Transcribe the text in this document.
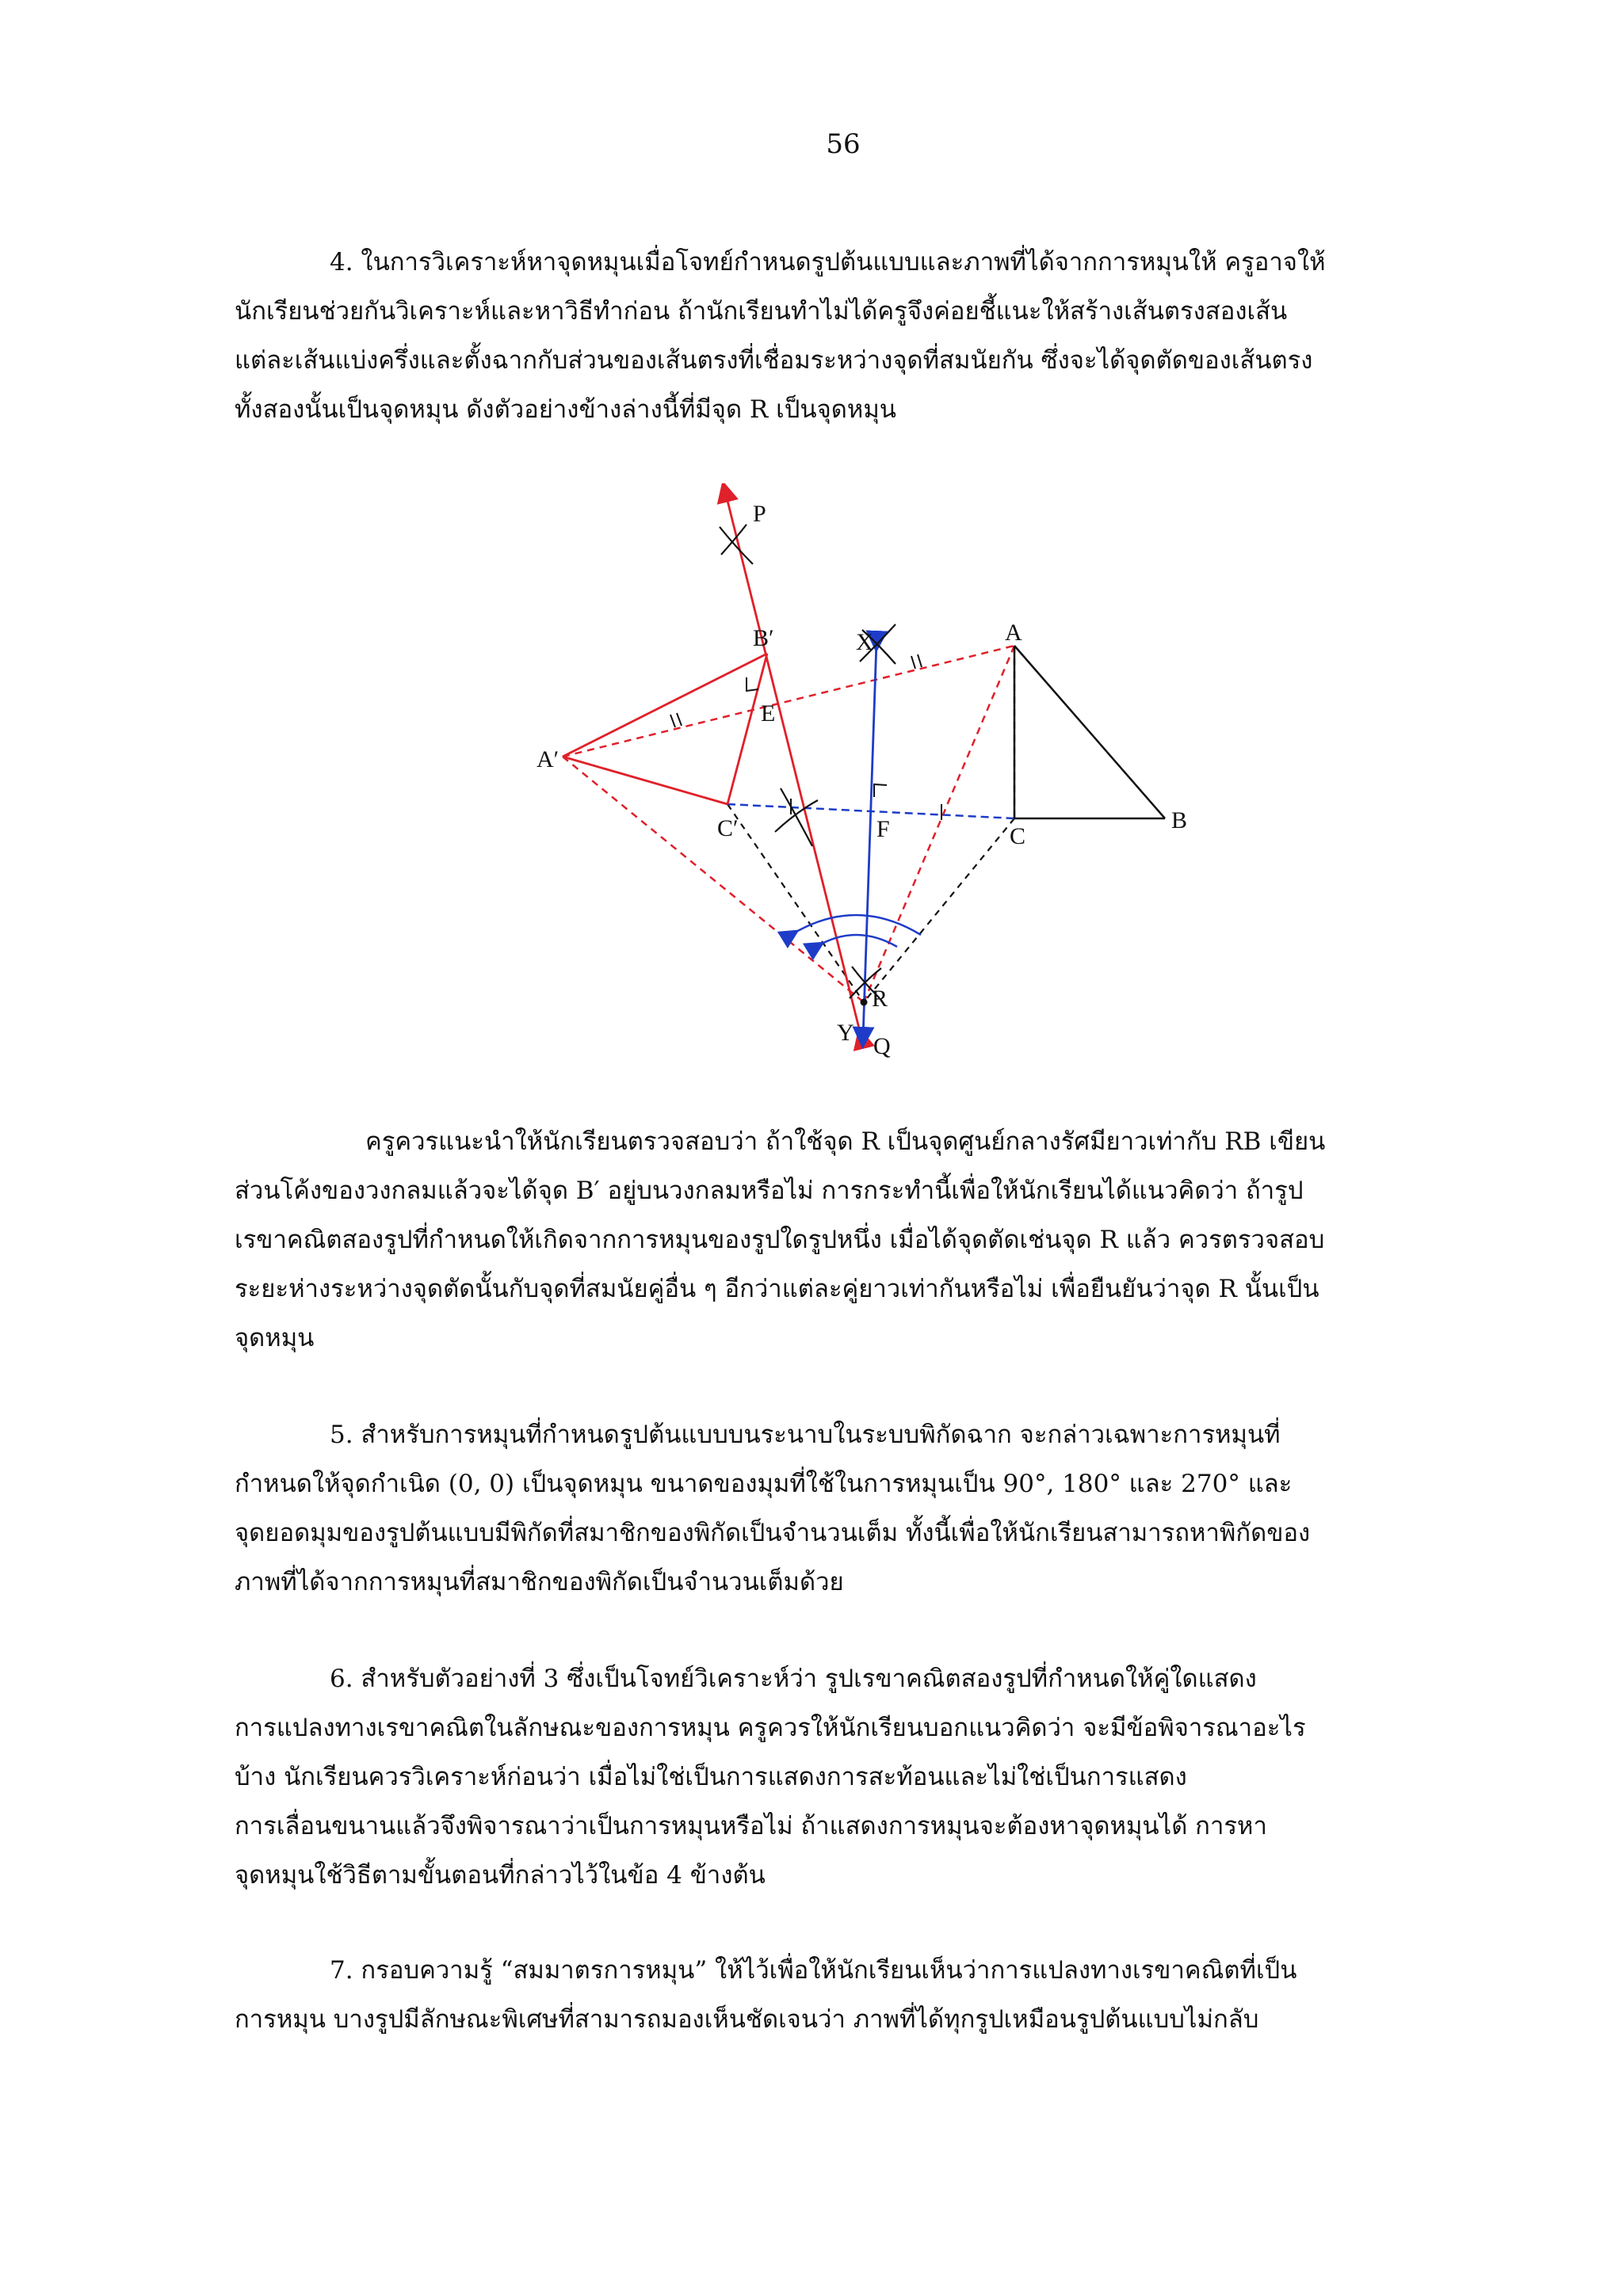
56

4. ในการวิเคราะห์หาจุดหมุนเมื่อโจทย์กำหนดรูปต้นแบบและภาพที่ได้จากการหมุนให้ ครูอาจให้

นักเรียนช่วยกันวิเคราะห์และหาวิธีทำก่อน ถ้านักเรียนทำไม่ได้ครูจึงค่อยชี้แนะให้สร้างเส้นตรงสองเส้น

แต่ละเส้นแบ่งครึ่งและตั้งฉากกับส่วนของเส้นตรงที่เชื่อมระหว่างจุดที่สมนัยกัน ซึ่งจะได้จุดตัดของเส้นตรง

ทั้งสองนั้นเป็นจุดหมุน ดังตัวอย่างข้างล่างนี้ที่มีจุด R เป็นจุดหมุน

P
B′	X	A
E
A′
C′	F	C
B
R
Y
Q

ครูควรแนะนำให้นักเรียนตรวจสอบว่า ถ้าใช้จุด R เป็นจุดศูนย์กลางรัศมียาวเท่ากับ RB เขียน

ส่วนโค้งของวงกลมแล้วจะได้จุด B′ อยู่บนวงกลมหรือไม่ การกระทำนี้เพื่อให้นักเรียนได้แนวคิดว่า ถ้ารูป

เรขาคณิตสองรูปที่กำหนดให้เกิดจากการหมุนของรูปใดรูปหนึ่ง เมื่อได้จุดตัดเช่นจุด R แล้ว ควรตรวจสอบ

ระยะห่างระหว่างจุดตัดนั้นกับจุดที่สมนัยคู่อื่น ๆ อีกว่าแต่ละคู่ยาวเท่ากันหรือไม่ เพื่อยืนยันว่าจุด R นั้นเป็น

จุดหมุน

5. สำหรับการหมุนที่กำหนดรูปต้นแบบบนระนาบในระบบพิกัดฉาก จะกล่าวเฉพาะการหมุนที่

กำหนดให้จุดกำเนิด (0, 0) เป็นจุดหมุน ขนาดของมุมที่ใช้ในการหมุนเป็น 90°, 180° และ 270° และ

จุดยอดมุมของรูปต้นแบบมีพิกัดที่สมาชิกของพิกัดเป็นจำนวนเต็ม ทั้งนี้เพื่อให้นักเรียนสามารถหาพิกัดของ

ภาพที่ได้จากการหมุนที่สมาชิกของพิกัดเป็นจำนวนเต็มด้วย

6. สำหรับตัวอย่างที่ 3 ซึ่งเป็นโจทย์วิเคราะห์ว่า รูปเรขาคณิตสองรูปที่กำหนดให้คู่ใดแสดง

การแปลงทางเรขาคณิตในลักษณะของการหมุน ครูควรให้นักเรียนบอกแนวคิดว่า จะมีข้อพิจารณาอะไร

บ้าง นักเรียนควรวิเคราะห์ก่อนว่า เมื่อไม่ใช่เป็นการแสดงการสะท้อนและไม่ใช่เป็นการแสดง

การเลื่อนขนานแล้วจึงพิจารณาว่าเป็นการหมุนหรือไม่ ถ้าแสดงการหมุนจะต้องหาจุดหมุนได้ การหา

จุดหมุนใช้วิธีตามขั้นตอนที่กล่าวไว้ในข้อ 4 ข้างต้น

7. กรอบความรู้ “สมมาตรการหมุน” ให้ไว้เพื่อให้นักเรียนเห็นว่าการแปลงทางเรขาคณิตที่เป็น

การหมุน บางรูปมีลักษณะพิเศษที่สามารถมองเห็นชัดเจนว่า ภาพที่ได้ทุกรูปเหมือนรูปต้นแบบไม่กลับ
